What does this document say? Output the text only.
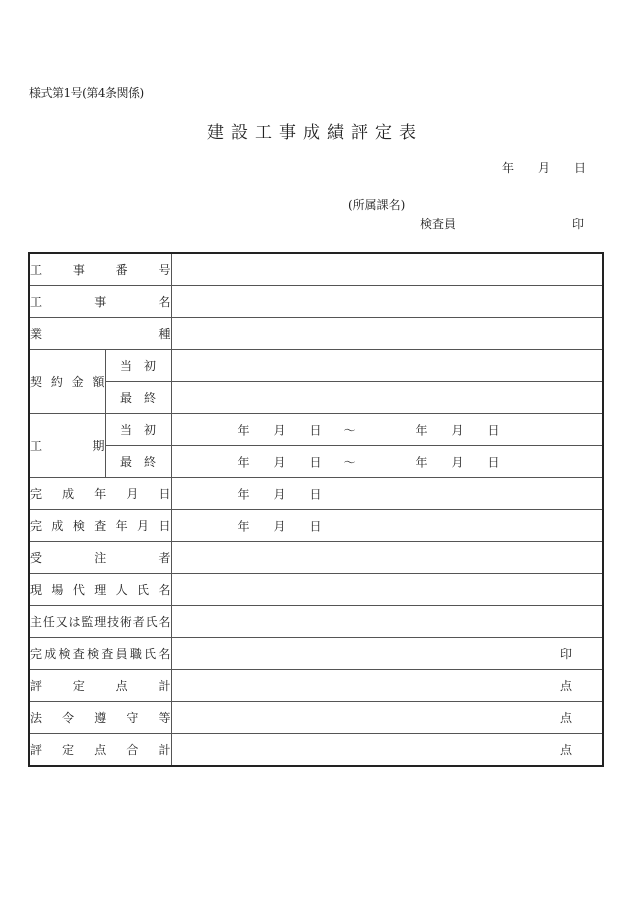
様式第1号(第4条関係)
建設工事成績評定表
年 月 日
(所属課名)
検査員	印
工 事 番 号		

工 事 名		

業 種		

契 約 金 額	当 初	

	最 終	

工	期

当 初	年 月 日 ～	年 月 日

最 終	年 月 日 ～	年 月 日

完 成 年 月 日		年 月 日

完 成 検 査 年 月 日	年 月 日

受 注 者		

現 場 代 理 人 氏 名

主 任 又 は 監 理 技 術 者 氏 名

完 成 検 査 検 査 員 職 氏 名	印

評 定 点 計		点

法 令 遵 守 等		点

評 定 点 合 計		点
